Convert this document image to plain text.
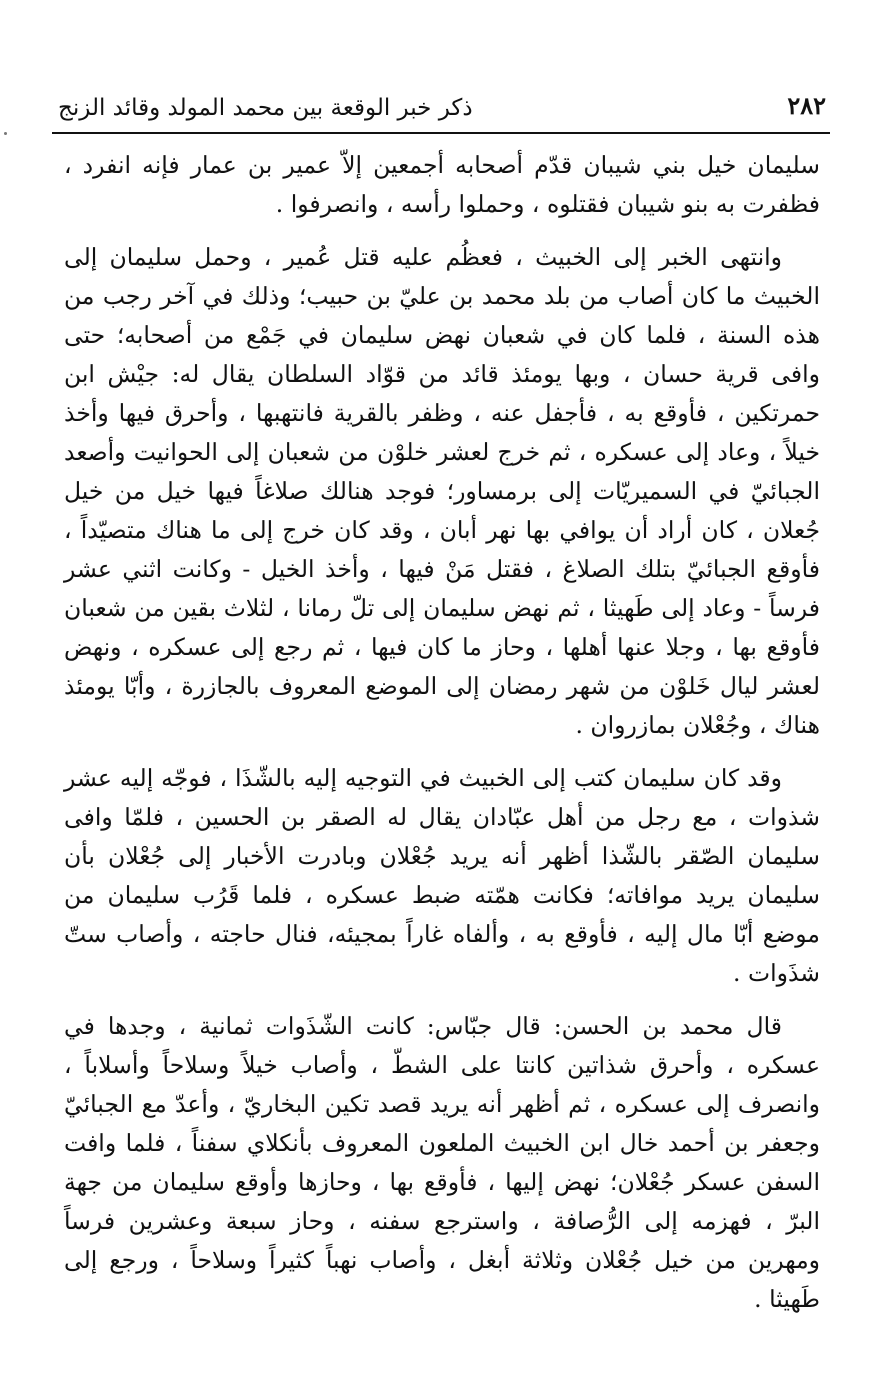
٢٨٢
ذكر خبر الوقعة بين محمد المولد وقائد الزنج

سليمان خيل بني شيبان قدّم أصحابه أجمعين إلاّ عمير بن عمار فإنه انفرد ، فظفرت به بنو شيبان فقتلوه ، وحملوا رأسه ، وانصرفوا .

وانتهى الخبر إلى الخبيث ، فعظُم عليه قتل عُمير ، وحمل سليمان إلى الخبيث ما كان أصاب من بلد محمد بن عليّ بن حبيب؛ وذلك في آخر رجب من هذه السنة ، فلما كان في شعبان نهض سليمان في جَمْع من أصحابه؛ حتى وافى قرية حسان ، وبها يومئذ قائد من قوّاد السلطان يقال له: جيْش ابن حمرتكين ، فأوقع به ، فأجفل عنه ، وظفر بالقرية فانتهبها ، وأحرق فيها وأخذ خيلاً ، وعاد إلى عسكره ، ثم خرج لعشر خلوْن من شعبان إلى الحوانيت وأصعد الجبائيّ في السميريّات إلى برمساور؛ فوجد هنالك صلاغاً فيها خيل من خيل جُعلان ، كان أراد أن يوافي بها نهر أبان ، وقد كان خرج إلى ما هناك متصيّداً ، فأوقع الجبائيّ بتلك الصلاغ ، فقتل مَنْ فيها ، وأخذ الخيل - وكانت اثني عشر فرساً - وعاد إلى طَهيثا ، ثم نهض سليمان إلى تلّ رمانا ، لثلاث بقين من شعبان فأوقع بها ، وجلا عنها أهلها ، وحاز ما كان فيها ، ثم رجع إلى عسكره ، ونهض لعشر ليال خَلوْن من شهر رمضان إلى الموضع المعروف بالجازرة ، وأبّا يومئذ هناك ، وجُعْلان بمازروان .

وقد كان سليمان كتب إلى الخبيث في التوجيه إليه بالشّذَا ، فوجّه إليه عشر شذوات ، مع رجل من أهل عبّادان يقال له الصقر بن الحسين ، فلمّا وافى سليمان الصّقر بالشّذا أظهر أنه يريد جُعْلان وبادرت الأخبار إلى جُعْلان بأن سليمان يريد موافاته؛ فكانت همّته ضبط عسكره ، فلما قَرُب سليمان من موضع أبّا مال إليه ، فأوقع به ، وألفاه غاراً بمجيئه، فنال حاجته ، وأصاب ستّ شذَوات .

قال محمد بن الحسن: قال جبّاس: كانت الشّذَوات ثمانية ، وجدها في عسكره ، وأحرق شذاتين كانتا على الشطّ ، وأصاب خيلاً وسلاحاً وأسلاباً ، وانصرف إلى عسكره ، ثم أظهر أنه يريد قصد تكين البخاريّ ، وأعدّ مع الجبائيّ وجعفر بن أحمد خال ابن الخبيث الملعون المعروف بأنكلاي سفناً ، فلما وافت السفن عسكر جُعْلان؛ نهض إليها ، فأوقع بها ، وحازها وأوقع سليمان من جهة البرّ ، فهزمه إلى الرُّصافة ، واسترجع سفنه ، وحاز سبعة وعشرين فرساً ومهرين من خيل جُعْلان وثلاثة أبغل ، وأصاب نهباً كثيراً وسلاحاً ، ورجع إلى طَهيثا .
